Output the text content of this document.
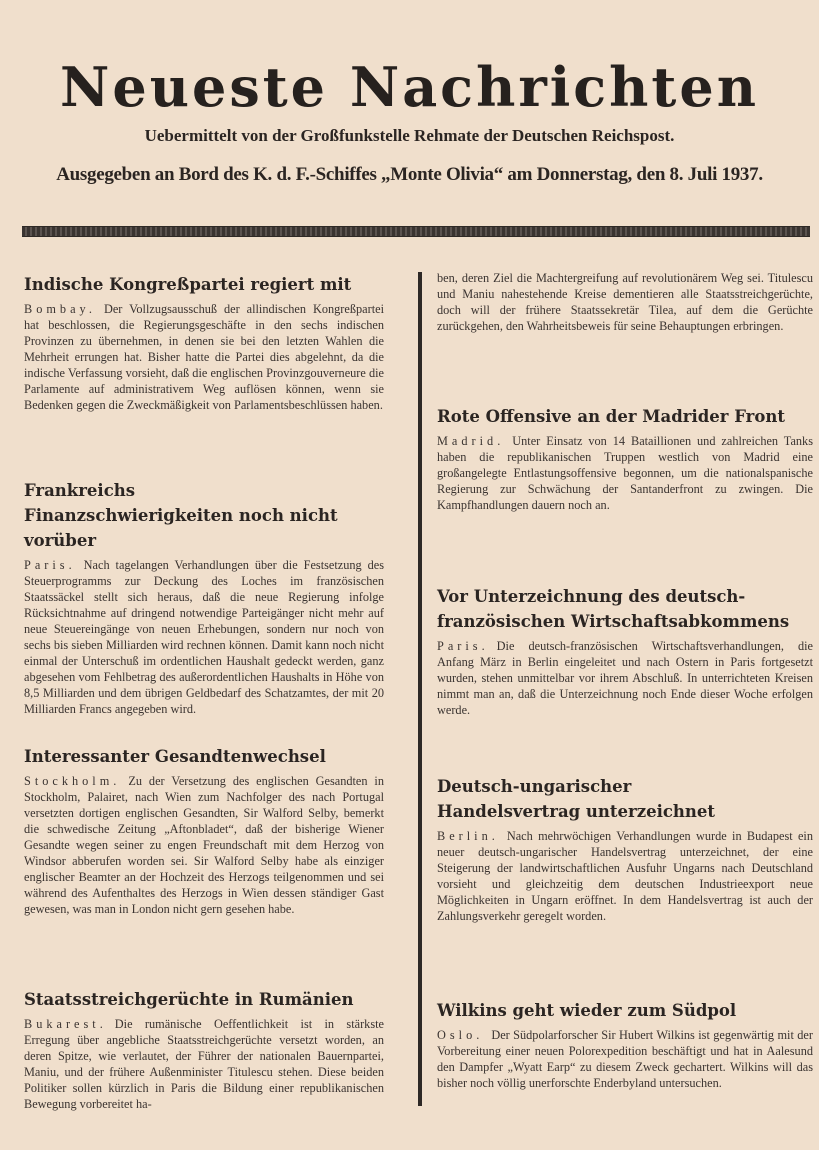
Neueste Nachrichten
Uebermittelt von der Großfunkstelle Rehmate der Deutschen Reichspost.
Ausgegeben an Bord des K. d. F.-Schiffes „Monte Olivia“ am Donnerstag, den 8. Juli 1937.
Indische Kongreßpartei regiert mit

Bombay. Der Vollzugsausschuß der allindischen Kongreßpartei hat beschlossen, die Regierungsgeschäfte in den sechs indischen Provinzen zu übernehmen, in denen sie bei den letzten Wahlen die Mehrheit errungen hat. Bisher hatte die Partei dies abgelehnt, da die indische Verfassung vorsieht, daß die englischen Provinzgouverneure die Parlamente auf administrativem Weg auflösen können, wenn sie Bedenken gegen die Zweckmäßigkeit von Parlamentsbeschlüssen haben.

Frankreichs Finanzschwierigkeiten noch nicht vorüber

Paris. Nach tagelangen Verhandlungen über die Festsetzung des Steuerprogramms zur Deckung des Loches im französischen Staatssäckel stellt sich heraus, daß die neue Regierung infolge Rücksichtnahme auf dringend notwendige Parteigänger nicht mehr auf neue Steuereingänge von neuen Erhebungen, sondern nur noch von sechs bis sieben Milliarden wird rechnen können. Damit kann noch nicht einmal der Unterschuß im ordentlichen Haushalt gedeckt werden, ganz abgesehen vom Fehlbetrag des außerordentlichen Haushalts in Höhe von 8,5 Milliarden und dem übrigen Geldbedarf des Schatzamtes, der mit 20 Milliarden Francs angegeben wird.

Interessanter Gesandtenwechsel

Stockholm. Zu der Versetzung des englischen Gesandten in Stockholm, Palairet, nach Wien zum Nachfolger des nach Portugal versetzten dortigen englischen Gesandten, Sir Walford Selby, bemerkt die schwedische Zeitung „Aftonbladet“, daß der bisherige Wiener Gesandte wegen seiner zu engen Freundschaft mit dem Herzog von Windsor abberufen worden sei. Sir Walford Selby habe als einziger englischer Beamter an der Hochzeit des Herzogs teilgenommen und sei während des Aufenthaltes des Herzogs in Wien dessen ständiger Gast gewesen, was man in London nicht gern gesehen habe.

Staatsstreichgerüchte in Rumänien

Bukarest. Die rumänische Oeffentlichkeit ist in stärkste Erregung über angebliche Staatsstreichgerüchte versetzt worden, an deren Spitze, wie verlautet, der Führer der nationalen Bauernpartei, Maniu, und der frühere Außenminister Titulescu stehen. Diese beiden Politiker sollen kürzlich in Paris die Bildung einer republikanischen Bewegung vorbereitet ha-

ben, deren Ziel die Machtergreifung auf revolutionärem Weg sei. Titulescu und Maniu nahestehende Kreise dementieren alle Staatsstreichgerüchte, doch will der frühere Staatssekretär Tilea, auf dem die Gerüchte zurückgehen, den Wahrheitsbeweis für seine Behauptungen erbringen.

Rote Offensive an der Madrider Front

Madrid. Unter Einsatz von 14 Bataillionen und zahlreichen Tanks haben die republikanischen Truppen westlich von Madrid eine großangelegte Entlastungsoffensive begonnen, um die nationalspanische Regierung zur Schwächung der Santanderfront zu zwingen. Die Kampfhandlungen dauern noch an.

Vor Unterzeichnung des deutsch-französischen Wirtschaftsabkommens

Paris. Die deutsch-französischen Wirtschaftsverhandlungen, die Anfang März in Berlin eingeleitet und nach Ostern in Paris fortgesetzt wurden, stehen unmittelbar vor ihrem Abschluß. In unterrichteten Kreisen nimmt man an, daß die Unterzeichnung noch Ende dieser Woche erfolgen werde.

Deutsch-ungarischer Handelsvertrag unterzeichnet

Berlin. Nach mehrwöchigen Verhandlungen wurde in Budapest ein neuer deutsch-ungarischer Handelsvertrag unterzeichnet, der eine Steigerung der landwirtschaftlichen Ausfuhr Ungarns nach Deutschland vorsieht und gleichzeitig dem deutschen Industrieexport neue Möglichkeiten in Ungarn eröffnet. In dem Handelsvertrag ist auch der Zahlungsverkehr geregelt worden.

Wilkins geht wieder zum Südpol

Oslo. Der Südpolarforscher Sir Hubert Wilkins ist gegenwärtig mit der Vorbereitung einer neuen Polorexpedition beschäftigt und hat in Aalesund den Dampfer „Wyatt Earp“ zu diesem Zweck gechartert. Wilkins will das bisher noch völlig unerforschte Enderbyland untersuchen.
